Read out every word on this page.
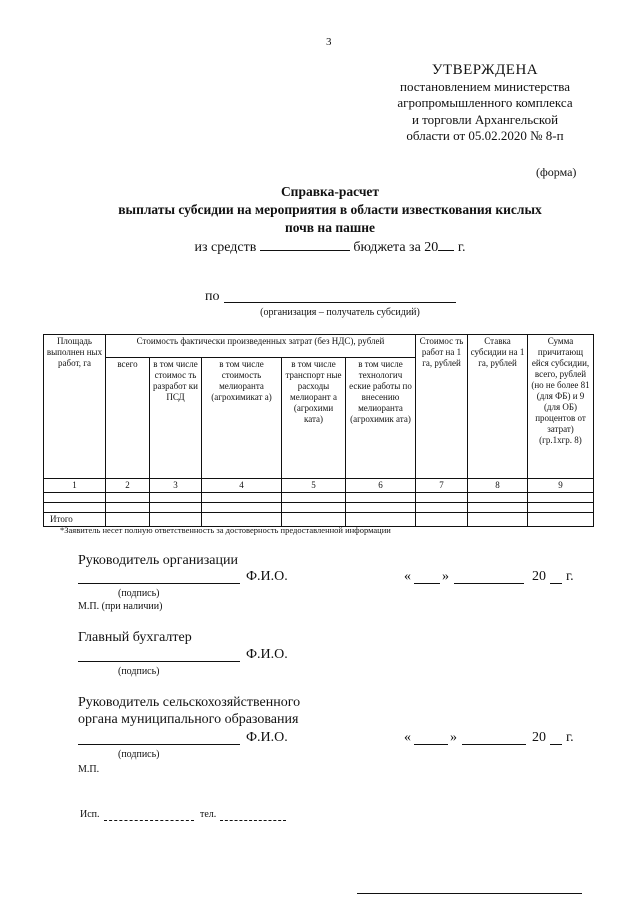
3
УТВЕРЖДЕНА
постановлением министерства
агропромышленного комплекса
и торговли Архангельской
области от 05.02.2020 № 8-п
(форма)
Справка-расчет
выплаты субсидии на мероприятия в области известкования кислых
почв на пашне
из средств	бюджета за 20 г.
по
(организация – получатель субсидий)
Площадь выполнен ных работ, га	Стоимость фактически произведенных затрат (без НДС), рублей					Стоимос ть работ на 1 га, рублей	Ставка субсидии на 1 га, рублей	Сумма причитающ ейся субсидии, всего, рублей (но не более 81 (для ФБ) и 9 (для ОБ) процентов от затрат) (гр.1хгр. 8)
	всего	в том числе стоимос ть разработ ки ПСД	в том числе стоимость мелиоранта (агрохимикат а)	в том числе транспорт ные расходы мелиорант а (агрохими ката)	в том числе технологич еские работы по внесению мелиоранта (агрохимик ата)			
1	2	3	4	5	6	7	8	9

Итого								
*Заявитель несет полную ответственность за достоверность предоставленной информации
Руководитель организации
Ф.И.О.	« »	20 г.
(подпись)
М.П. (при наличии)
Главный бухгалтер
Ф.И.О.
(подпись)
Руководитель сельскохозяйственного
органа муниципального образования
Ф.И.О.	«	»	20 г.
(подпись)
М.П.
Исп.	тел.
